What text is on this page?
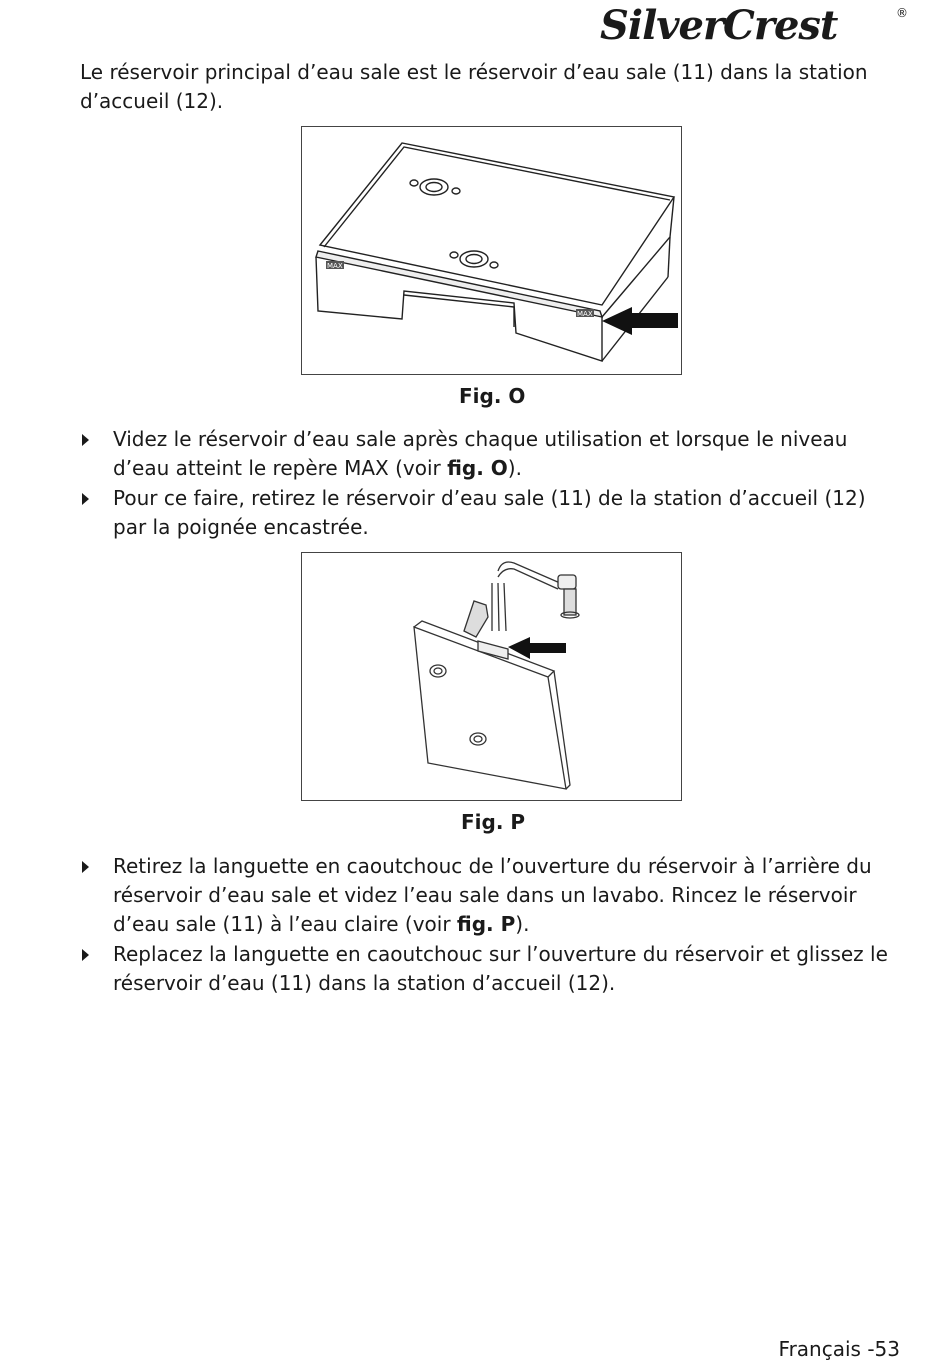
SilverCrest	®

Le réservoir principal d’eau sale est le réservoir d’eau sale (11) dans la station d’accueil (12).

MAX
MAX
Fig. O
Videz le réservoir d’eau sale après chaque utilisation et lorsque le niveau d’eau atteint le repère MAX (voir fig. O).
Pour ce faire, retirez le réservoir d’eau sale (11) de la station d’accueil (12) par la poignée encastrée.
Fig. P
Retirez la languette en caoutchouc de l’ouverture du réservoir à l’arrière du réservoir d’eau sale et videz l’eau sale dans un lavabo. Rincez le réservoir d’eau sale (11) à l’eau claire (voir fig. P).
Replacez la languette en caoutchouc sur l’ouverture du réservoir et glissez le réservoir d’eau (11) dans la station d’accueil (12).
Français -53
